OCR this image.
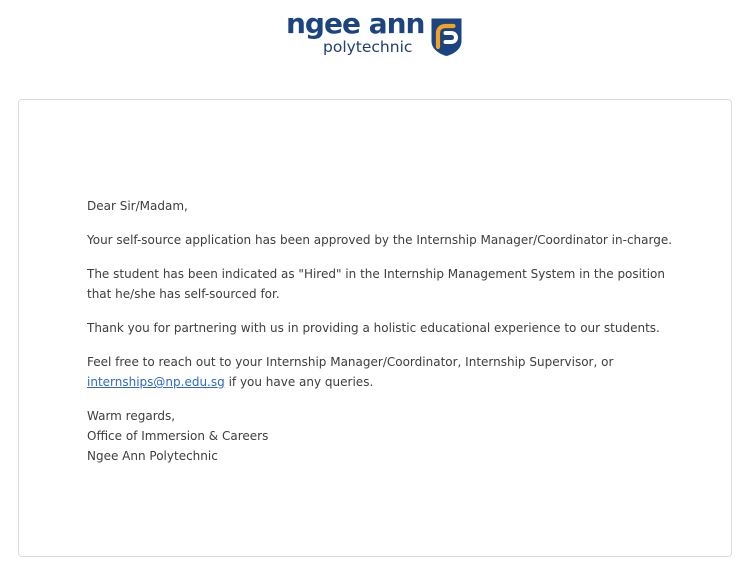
ngee ann
polytechnic

Dear Sir/Madam,

Your self-source application has been approved by the Internship Manager/Coordinator in-charge.

The student has been indicated as "Hired" in the Internship Management System in the position that he/she has self-sourced for.

Thank you for partnering with us in providing a holistic educational experience to our students.

Feel free to reach out to your Internship Manager/Coordinator, Internship Supervisor, or internships@np.edu.sg if you have any queries.

Warm regards,
Office of Immersion & Careers
Ngee Ann Polytechnic
